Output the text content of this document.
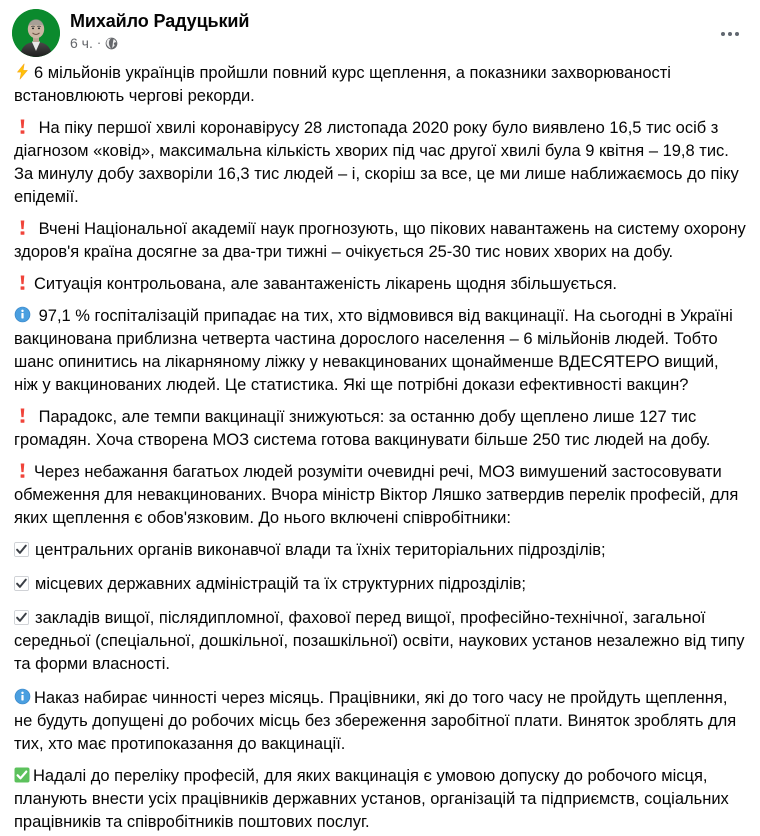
Михайло Радуцький
6 ч. ·

6 мільйонів українців пройшли повний курс щеплення, а показники захворюваності встановлюють чергові рекорди.

На піку першої хвилі коронавірусу 28 листопада 2020 року було виявлено 16,5 тис осіб з діагнозом «ковід», максимальна кількість хворих під час другої хвилі була 9 квітня – 19,8 тис. За минулу добу захворіли 16,3 тис людей – і, скоріш за все, це ми лише наближаємось до піку епідемії.

Вчені Національної академії наук прогнозують, що пікових навантажень на систему охорону здоров'я країна досягне за два-три тижні – очікується 25-30 тис нових хворих на добу.

Ситуація контрольована, але завантаженість лікарень щодня збільшується.

97,1 % госпіталізацій припадає на тих, хто відмовився від вакцинації. На сьогодні в Україні вакцинована приблизна четверта частина дорослого населення – 6 мільйонів людей. Тобто шанс опинитись на лікарняному ліжку у невакцинованих щонайменше ВДЕСЯТЕРО вищий, ніж у вакцинованих людей. Це статистика. Які ще потрібні докази ефективності вакцин?

Парадокс, але темпи вакцинації знижуються: за останню добу щеплено лише 127 тис громадян. Хоча створена МОЗ система готова вакцинувати більше 250 тис людей на добу.

Через небажання багатьох людей розуміти очевидні речі, МОЗ вимушений застосовувати обмеження для невакцинованих. Вчора міністр Віктор Ляшко затвердив перелік професій, для яких щеплення є обов'язковим. До нього включені співробітники:

центральних органів виконавчої влади та їхніх територіальних підрозділів;

місцевих державних адміністрацій та їх структурних підрозділів;

закладів вищої, післядипломної, фахової перед вищої, професійно-технічної, загальної середньої (спеціальної, дошкільної, позашкільної) освіти, наукових установ незалежно від типу та форми власності.

Наказ набирає чинності через місяць. Працівники, які до того часу не пройдуть щеплення, не будуть допущені до робочих місць без збереження заробітної плати. Виняток зроблять для тих, хто має протипоказання до вакцинації.

Надалі до переліку професій, для яких вакцинація є умовою допуску до робочого місця, планують внести усіх працівників державних установ, організацій та підприємств, соціальних працівників та співробітників поштових послуг.
